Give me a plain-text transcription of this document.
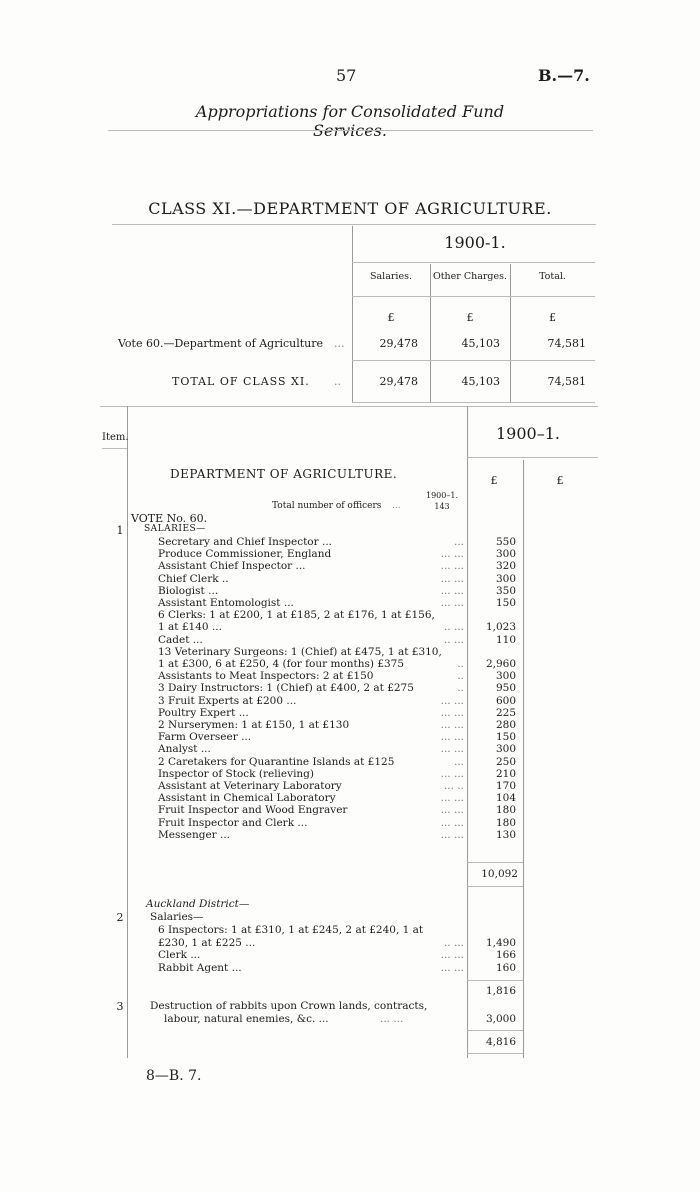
57	B.—7.
Appropriations for Consolidated Fund Services.
CLASS XI.—DEPARTMENT OF AGRICULTURE.
1900-1.
Salaries.	Other Charges.	Total.
£	£	£
Vote 60.—Department of Agriculture ...	29,478	45,103	74,581
TOTAL OF CLASS XI. ..	29,478	45,103	74,581
Item.	1900–1.
£	£
DEPARTMENT OF AGRICULTURE.
1900–1.
Total number of officers ...	143
VOTE No. 60.
SALARIES—
1
Secretary and Chief Inspector ...	...	550
Produce Commissioner, England	... ...	300
Assistant Chief Inspector ...	... ...	320
Chief Clerk ..	... ...	300
Biologist ...	... ...	350
Assistant Entomologist ...	... ...	150
6 Clerks: 1 at £200, 1 at £185, 2 at £176, 1 at £156,
1 at £140 ...	.. ...	1,023
Cadet ...	.. ...	110
13 Veterinary Surgeons: 1 (Chief) at £475, 1 at £310,
1 at £300, 6 at £250, 4 (for four months) £375	..	2,960
Assistants to Meat Inspectors: 2 at £150	..	300
3 Dairy Instructors: 1 (Chief) at £400, 2 at £275	..	950
3 Fruit Experts at £200 ...	... ...	600
Poultry Expert ...	... ...	225
2 Nurserymen: 1 at £150, 1 at £130	... ...	280
Farm Overseer ...	... ...	150
Analyst ...	... ...	300
2 Caretakers for Quarantine Islands at £125	...	250
Inspector of Stock (relieving)	... ...	210
Assistant at Veterinary Laboratory	... ..	170
Assistant in Chemical Laboratory	... ...	104
Fruit Inspector and Wood Engraver	... ...	180
Fruit Inspector and Clerk ...	... ...	180
Messenger ...	... ...	130
10,092
Auckland District—
2	Salaries—
6 Inspectors: 1 at £310, 1 at £245, 2 at £240, 1 at
£230, 1 at £225 ...	.. ...	1,490
Clerk ...	... ...	166
Rabbit Agent ...	... ...	160
1,816
3	Destruction of rabbits upon Crown lands, contracts,
labour, natural enemies, &c. ...	... ...	3,000
4,816
8—B. 7.
